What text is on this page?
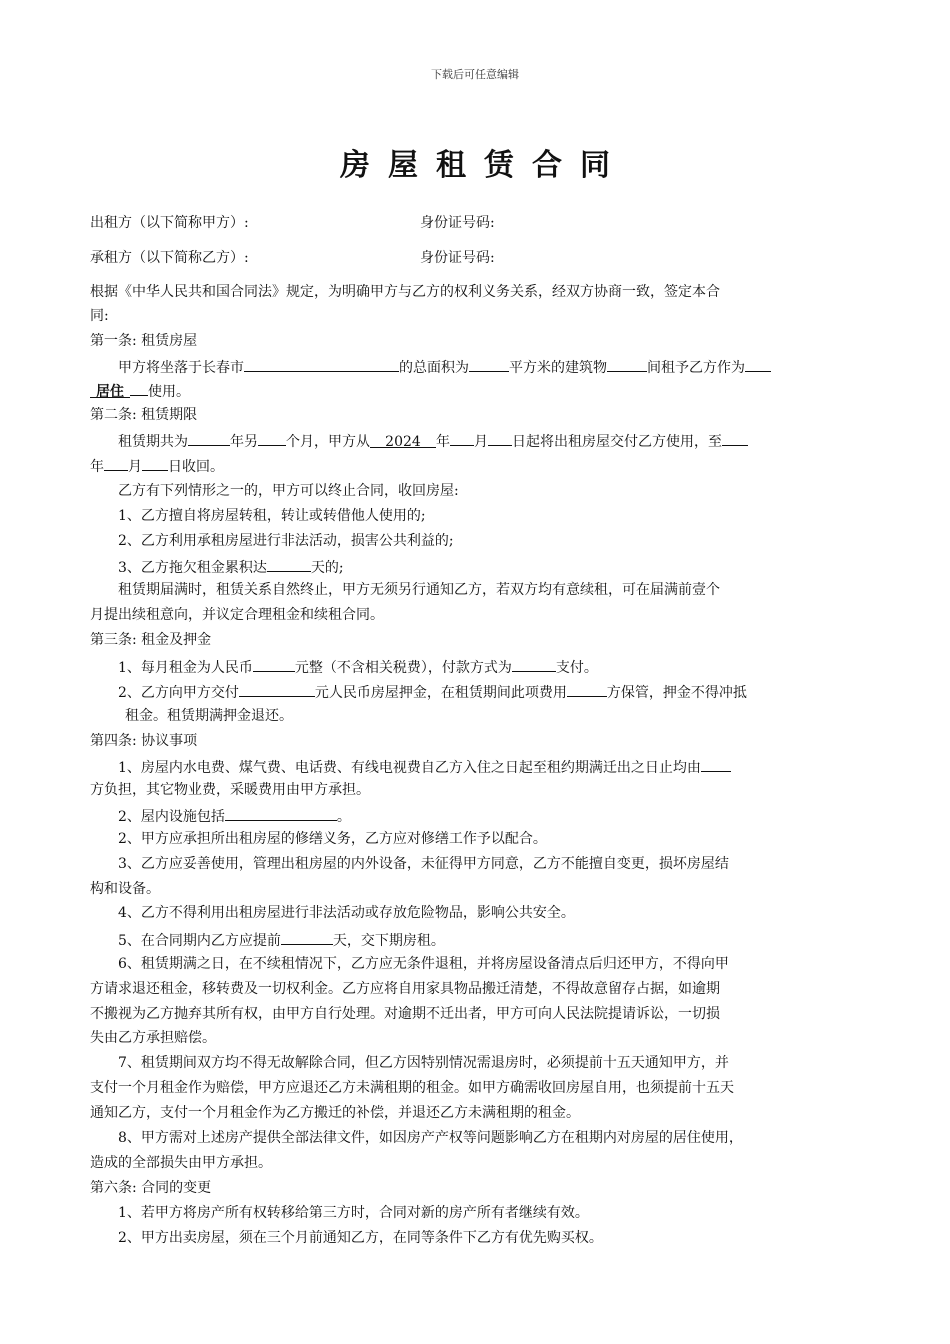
下载后可任意编辑
房屋租赁合同
出租方（以下简称甲方）:	身份证号码:
承租方（以下简称乙方）:	身份证号码:
根据《中华人民共和国合同法》规定，为明确甲方与乙方的权利义务关系，经双方协商一致，签定本合
同:
第一条: 租赁房屋
甲方将坐落于长春市	的总面积为	平方米的建筑物	间租予乙方作为
居住 使用。
第二条: 租赁期限
租赁期共为	年另 个月，甲方从 2024 年 月 日起将出租房屋交付乙方使用，至
年 月 日收回。
乙方有下列情形之一的，甲方可以终止合同，收回房屋:
1、乙方擅自将房屋转租，转让或转借他人使用的;
2、乙方利用承租房屋进行非法活动，损害公共利益的;
3、乙方拖欠租金累积达	天的;
租赁期届满时，租赁关系自然终止，甲方无须另行通知乙方，若双方均有意续租，可在届满前壹个
月提出续租意向，并议定合理租金和续租合同。
第三条: 租金及押金
1、每月租金为人民币	元整（不含相关税费），付款方式为	支付。
2、乙方向甲方交付	元人民币房屋押金，在租赁期间此项费用	方保管，押金不得冲抵
租金。租赁期满押金退还。
第四条: 协议事项
1、房屋内水电费、煤气费、电话费、有线电视费自乙方入住之日起至租约期满迁出之日止均由
方负担，其它物业费，采暖费用由甲方承担。
2、屋内设施包括	。
2、甲方应承担所出租房屋的修缮义务，乙方应对修缮工作予以配合。
3、乙方应妥善使用，管理出租房屋的内外设备，未征得甲方同意，乙方不能擅自变更，损坏房屋结
构和设备。
4、乙方不得利用出租房屋进行非法活动或存放危险物品，影响公共安全。
5、在合同期内乙方应提前	天，交下期房租。
6、租赁期满之日，在不续租情况下，乙方应无条件退租，并将房屋设备清点后归还甲方，不得向甲
方请求退还租金，移转费及一切权利金。乙方应将自用家具物品搬迁清楚，不得故意留存占据，如逾期
不搬视为乙方抛弃其所有权，由甲方自行处理。对逾期不迁出者，甲方可向人民法院提请诉讼，一切损
失由乙方承担赔偿。
7、租赁期间双方均不得无故解除合同，但乙方因特别情况需退房时，必须提前十五天通知甲方，并
支付一个月租金作为赔偿，甲方应退还乙方未满租期的租金。如甲方确需收回房屋自用，也须提前十五天
通知乙方，支付一个月租金作为乙方搬迁的补偿，并退还乙方未满租期的租金。
8、甲方需对上述房产提供全部法律文件，如因房产产权等问题影响乙方在租期内对房屋的居住使用，
造成的全部损失由甲方承担。
第六条: 合同的变更
1、若甲方将房产所有权转移给第三方时，合同对新的房产所有者继续有效。
2、甲方出卖房屋，须在三个月前通知乙方，在同等条件下乙方有优先购买权。
